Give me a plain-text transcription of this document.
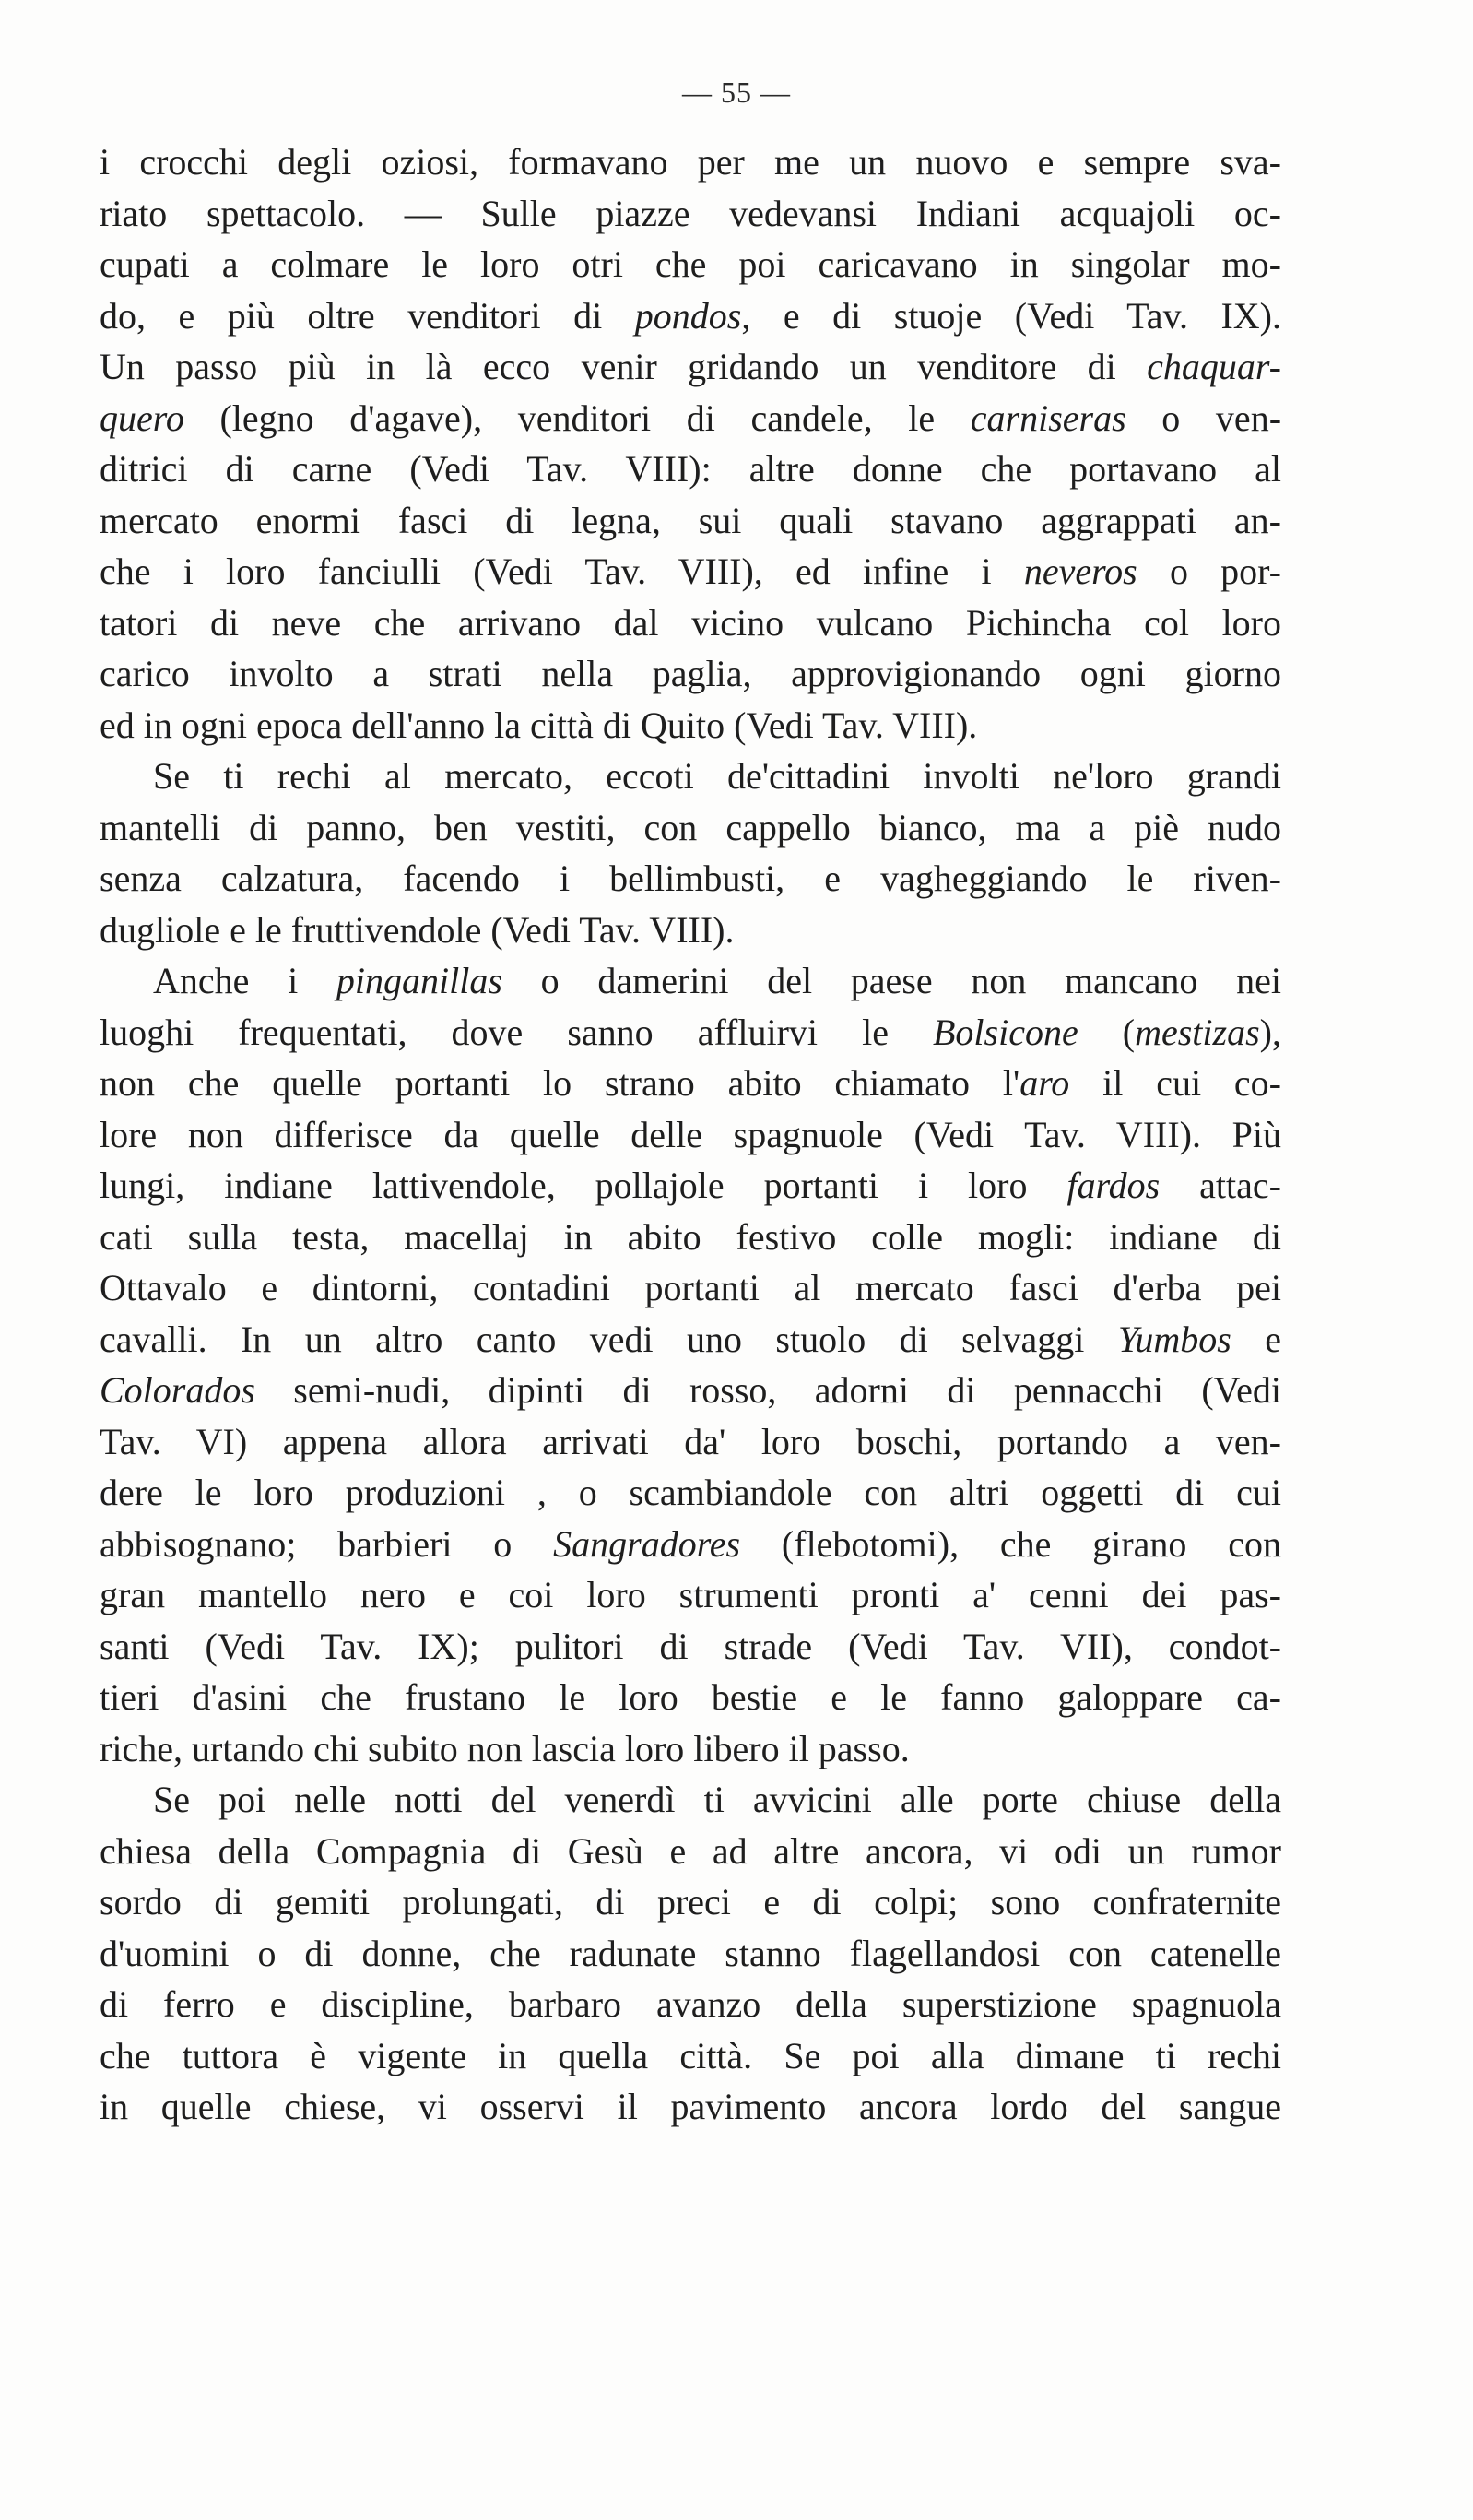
— 55 —
i crocchi degli oziosi, formavano per me un nuovo e sempre sva-
riato spettacolo. — Sulle piazze vedevansi Indiani acquajoli oc-
cupati a colmare le loro otri che poi caricavano in singolar mo-
do, e più oltre venditori di pondos, e di stuoje (Vedi Tav. IX).
Un passo più in là ecco venir gridando un venditore di chaquar-
quero (legno d'agave), venditori di candele, le carniseras o ven-
ditrici di carne (Vedi Tav. VIII): altre donne che portavano al
mercato enormi fasci di legna, sui quali stavano aggrappati an-
che i loro fanciulli (Vedi Tav. VIII), ed infine i neveros o por-
tatori di neve che arrivano dal vicino vulcano Pichincha col loro
carico involto a strati nella paglia, approvigionando ogni giorno
ed in ogni epoca dell'anno la città di Quito (Vedi Tav. VIII).
Se ti rechi al mercato, eccoti de'cittadini involti ne'loro grandi
mantelli di panno, ben vestiti, con cappello bianco, ma a piè nudo
senza calzatura, facendo i bellimbusti, e vagheggiando le riven-
dugliole e le fruttivendole (Vedi Tav. VIII).
Anche i pinganillas o damerini del paese non mancano nei
luoghi frequentati, dove sanno affluirvi le Bolsicone (mestizas),
non che quelle portanti lo strano abito chiamato l'aro il cui co-
lore non differisce da quelle delle spagnuole (Vedi Tav. VIII). Più
lungi, indiane lattivendole, pollajole portanti i loro fardos attac-
cati sulla testa, macellaj in abito festivo colle mogli: indiane di
Ottavalo e dintorni, contadini portanti al mercato fasci d'erba pei
cavalli. In un altro canto vedi uno stuolo di selvaggi Yumbos e
Colorados semi-nudi, dipinti di rosso, adorni di pennacchi (Vedi
Tav. VI) appena allora arrivati da' loro boschi, portando a ven-
dere le loro produzioni , o scambiandole con altri oggetti di cui
abbisognano; barbieri o Sangradores (flebotomi), che girano con
gran mantello nero e coi loro strumenti pronti a' cenni dei pas-
santi (Vedi Tav. IX); pulitori di strade (Vedi Tav. VII), condot-
tieri d'asini che frustano le loro bestie e le fanno galoppare ca-
riche, urtando chi subito non lascia loro libero il passo.
Se poi nelle notti del venerdì ti avvicini alle porte chiuse della
chiesa della Compagnia di Gesù e ad altre ancora, vi odi un rumor
sordo di gemiti prolungati, di preci e di colpi; sono confraternite
d'uomini o di donne, che radunate stanno flagellandosi con catenelle
di ferro e discipline, barbaro avanzo della superstizione spagnuola
che tuttora è vigente in quella città. Se poi alla dimane ti rechi
in quelle chiese, vi osservi il pavimento ancora lordo del sangue
